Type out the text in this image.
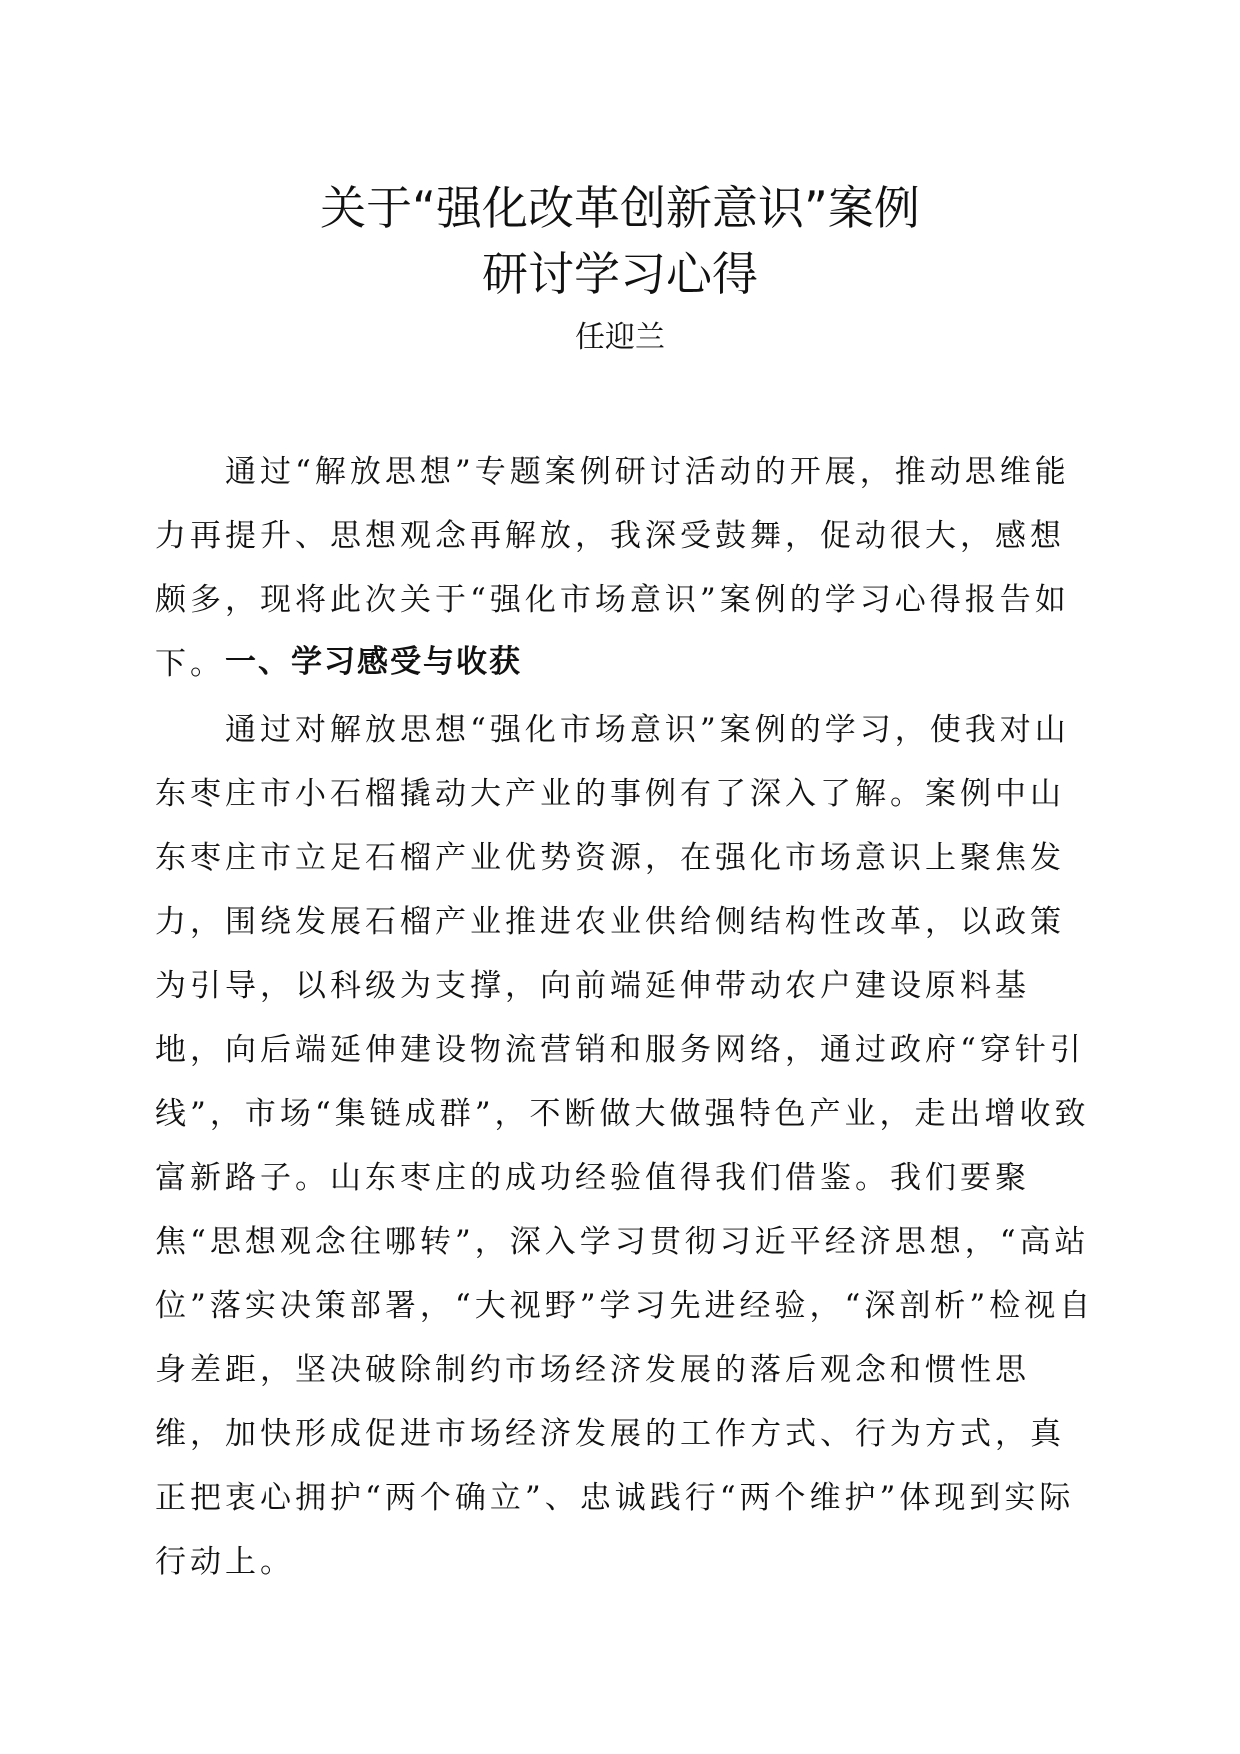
关于“强化改革创新意识”案例
研讨学习心得
任迎兰

通过“解放思想”专题案例研讨活动的开展，推动思维能力再提升、思想观念再解放，我深受鼓舞，促动很大，感想颇多，现将此次关于“强化市场意识”案例的学习心得报告如下。 一、学习感受与收获

通过对解放思想“强化市场意识”案例的学习，使我对山东枣庄市小石榴撬动大产业的事例有了深入了解。案例中山东枣庄市立足石榴产业优势资源，在强化市场意识上聚焦发力，围绕发展石榴产业推进农业供给侧结构性改革，以政策为引导，以科级为支撑，向前端延伸带动农户建设原料基地，向后端延伸建设物流营销和服务网络，通过政府“穿针引线”，市场“集链成群”，不断做大做强特色产业，走出增收致富新路子。山东枣庄的成功经验值得我们借鉴。我们要聚焦“思想观念往哪转”，深入学习贯彻习近平经济思想，“高站位”落实决策部署，“大视野”学习先进经验，“深剖析”检视自身差距，坚决破除制约市场经济发展的落后观念和惯性思维，加快形成促进市场经济发展的工作方式、行为方式，真正把衷心拥护“两个确立”、忠诚践行“两个维护”体现到实际行动上。
